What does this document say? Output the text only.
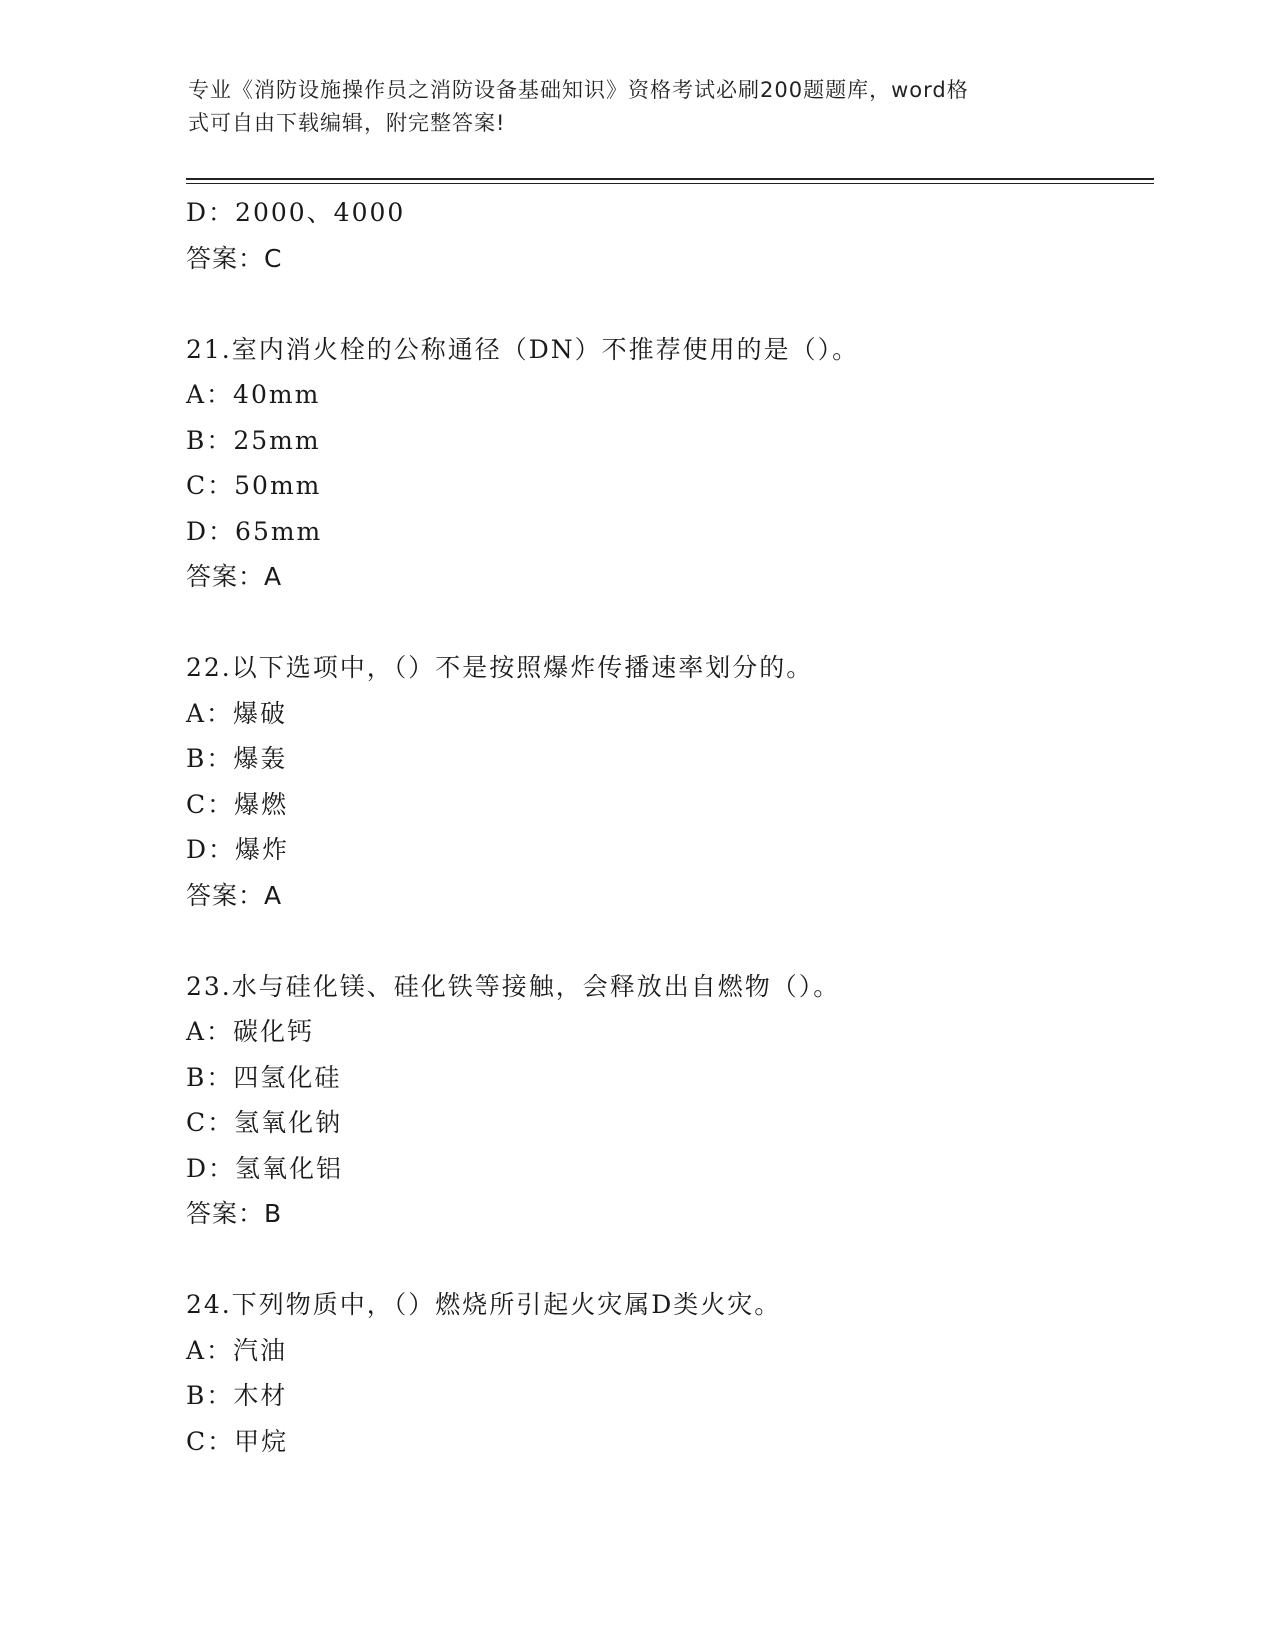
专业《消防设施操作员之消防设备基础知识》资格考试必刷200题题库，word格
式可自由下载编辑，附完整答案!
D：2000、4000
答案：C
21.室内消火栓的公称通径（DN）不推荐使用的是（）。
A：40mm
B：25mm
C：50mm
D：65mm
答案：A
22.以下选项中，（）不是按照爆炸传播速率划分的。
A：爆破
B：爆轰
C：爆燃
D：爆炸
答案：A
23.水与硅化镁、硅化铁等接触，会释放出自燃物（）。
A：碳化钙
B：四氢化硅
C：氢氧化钠
D：氢氧化铝
答案：B
24.下列物质中，（）燃烧所引起火灾属D类火灾。
A：汽油
B：木材
C：甲烷
